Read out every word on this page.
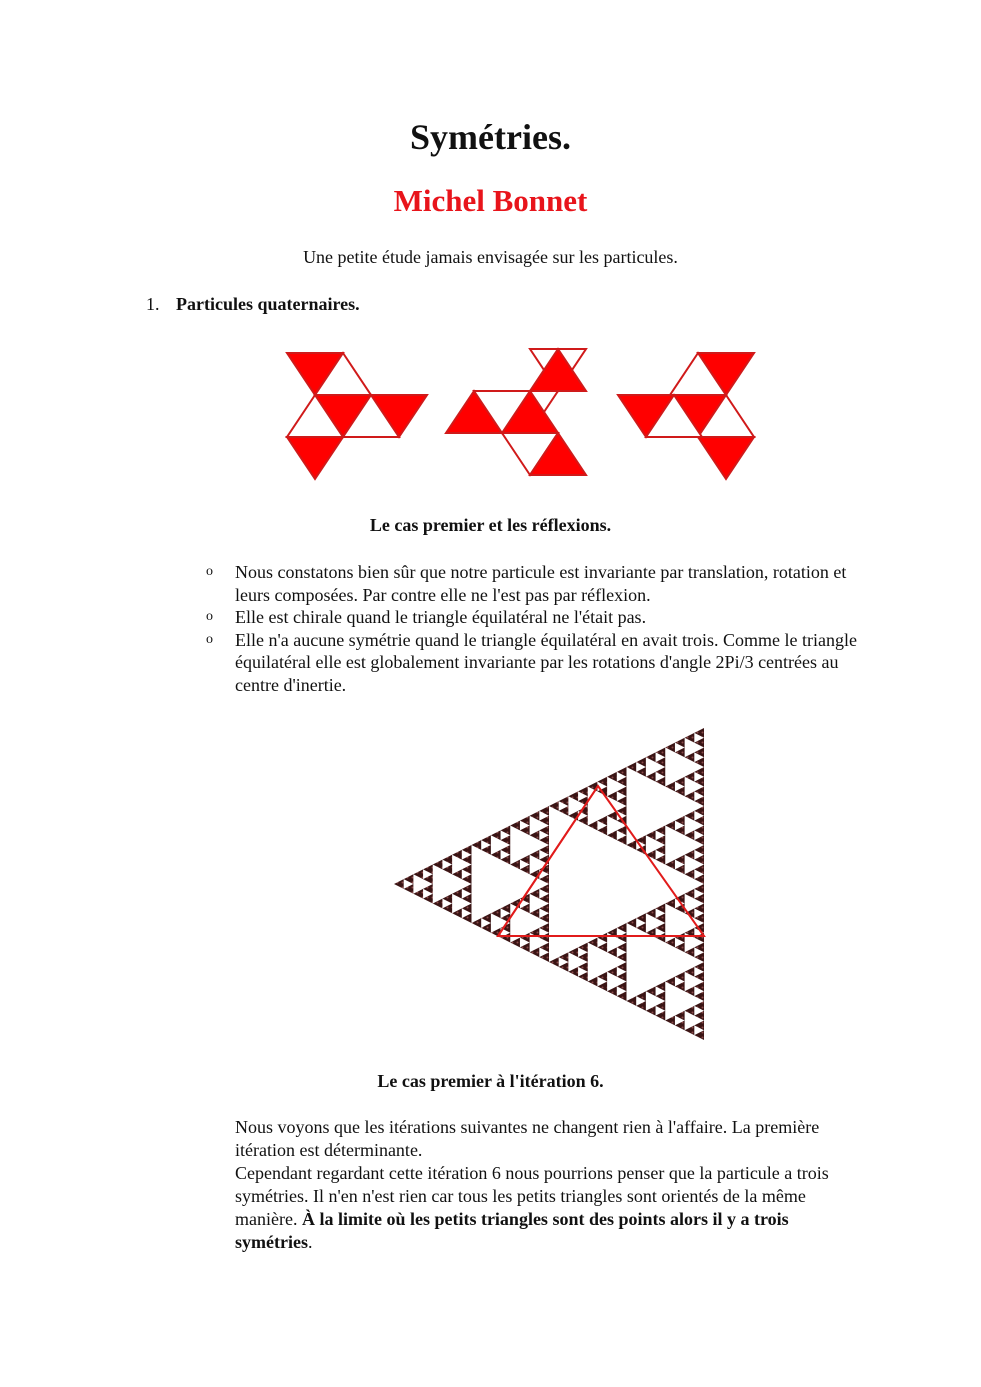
Symétries.
Michel Bonnet
Une petite étude jamais envisagée sur les particules.
1. Particules quaternaires.
Le cas premier et les réflexions.
o Nous constatons bien sûr que notre particule est invariante par translation, rotation et leurs composées. Par contre elle ne l'est pas par réflexion.
o Elle est chirale quand le triangle équilatéral ne l'était pas.
o Elle n'a aucune symétrie quand le triangle équilatéral en avait trois. Comme le triangle équilatéral elle est globalement invariante par les rotations d'angle 2Pi/3 centrées au centre d'inertie.
Le cas premier à l'itération 6.
Nous voyons que les itérations suivantes ne changent rien à l'affaire. La première itération est déterminante.
Cependant regardant cette itération 6 nous pourrions penser que la particule a trois symétries. Il n'en n'est rien car tous les petits triangles sont orientés de la même manière. À la limite où les petits triangles sont des points alors il y a trois symétries.
